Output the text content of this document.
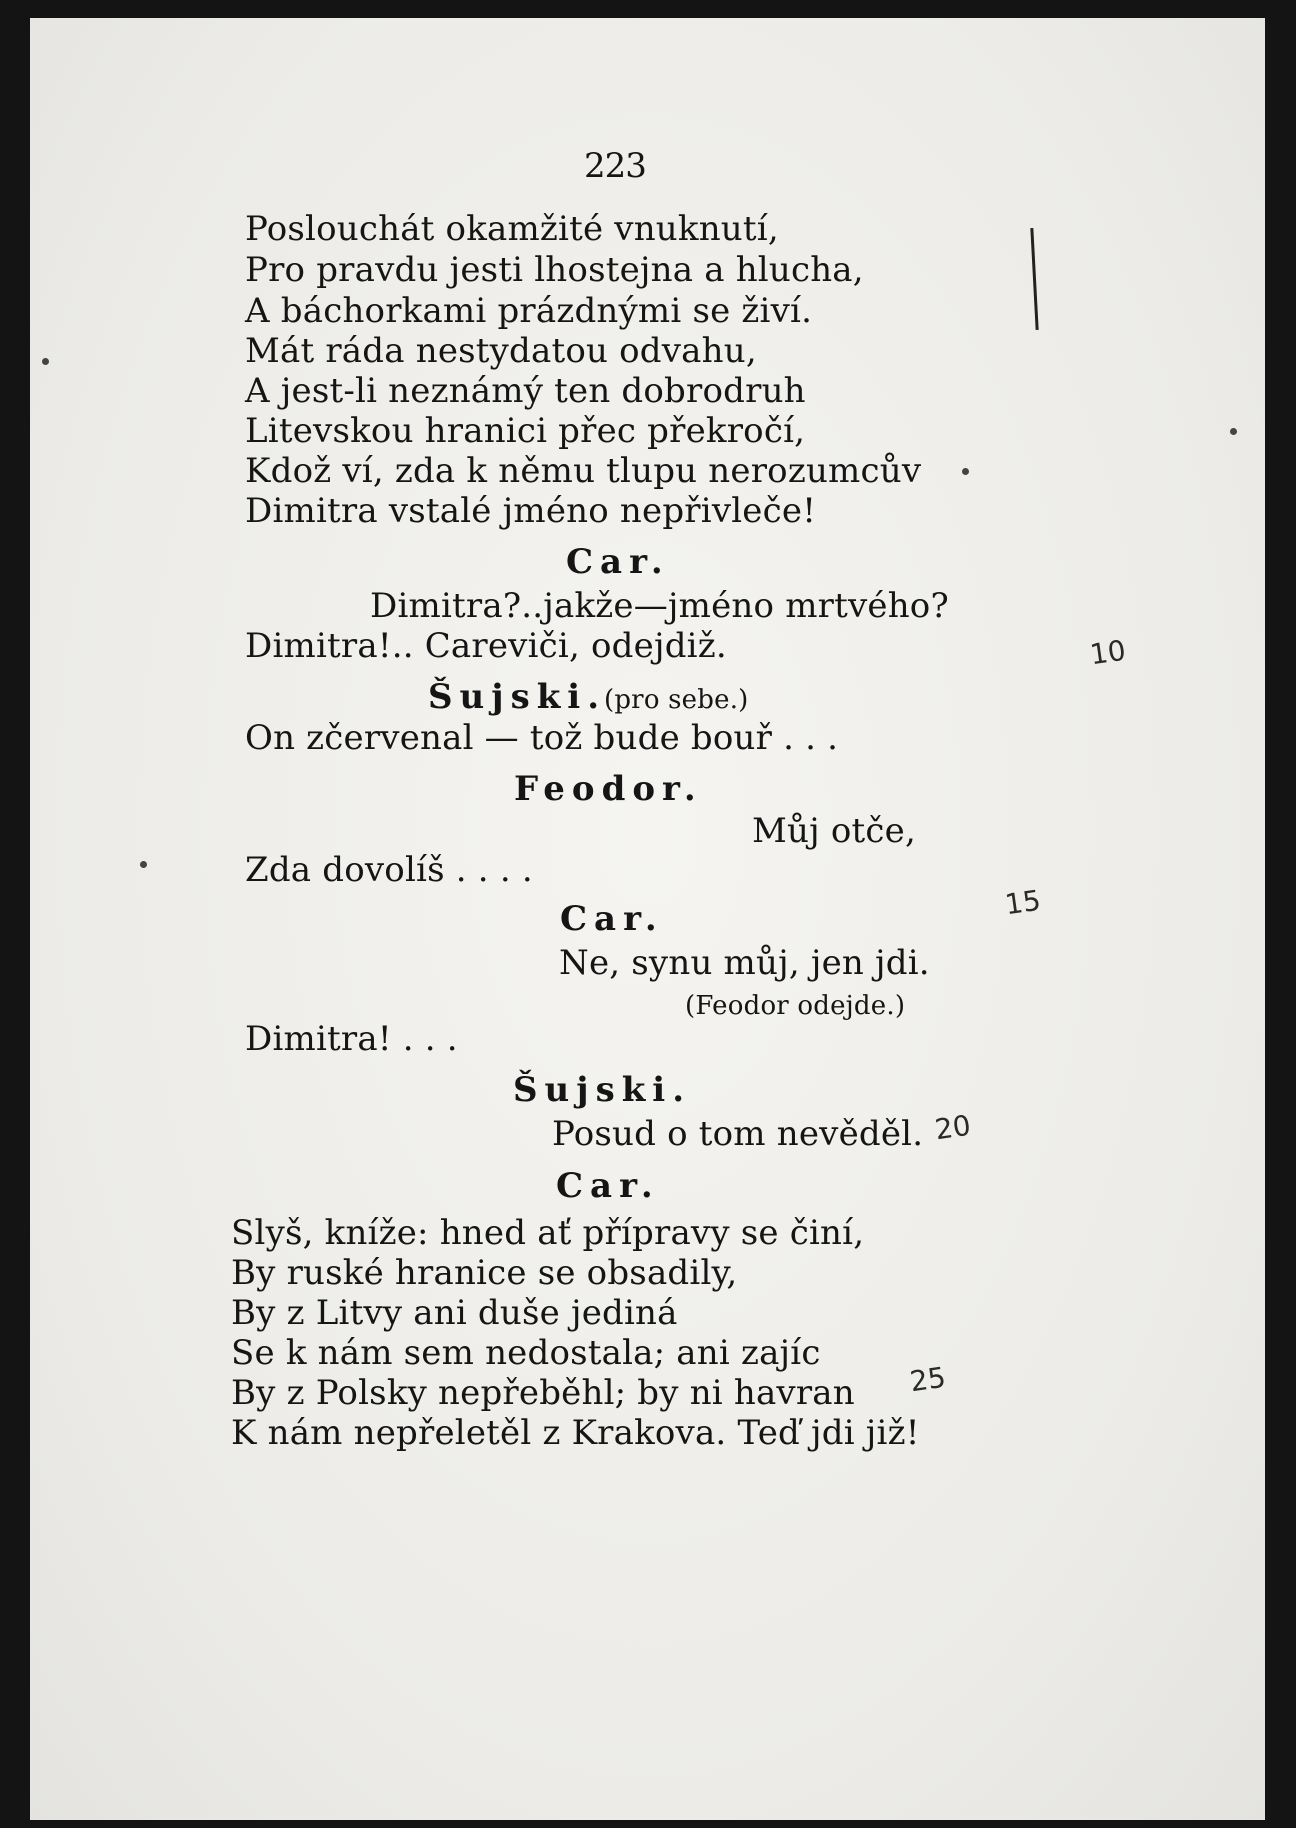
223
Poslouchát okamžité vnuknutí,
Pro pravdu jesti lhostejna a hlucha,
A báchorkami prázdnými se živí.
Mát ráda nestydatou odvahu,
A jest-li neznámý ten dobrodruh
Litevskou hranici přec překročí,
Kdož ví, zda k němu tlupu nerozumcův
Dimitra vstalé jméno nepřivleče!
Car.
Dimitra?..jakže—jméno mrtvého?
Dimitra!.. Careviči, odejdiž.
Šujski.
(pro sebe.)
On zčervenal — tož bude bouř . . .
Feodor.
Můj otče,
Zda dovolíš . . . .
Car.
Ne, synu můj, jen jdi.
(Feodor odejde.)
Dimitra! . . .
Šujski.
Posud o tom nevěděl.
Car.
Slyš, kníže: hned ať přípravy se činí,
By ruské hranice se obsadily,
By z Litvy ani duše jediná
Se k nám sem nedostala; ani zajíc
By z Polsky nepřeběhl; by ni havran
K nám nepřeletěl z Krakova. Teď jdi již!
10
15
20
25
